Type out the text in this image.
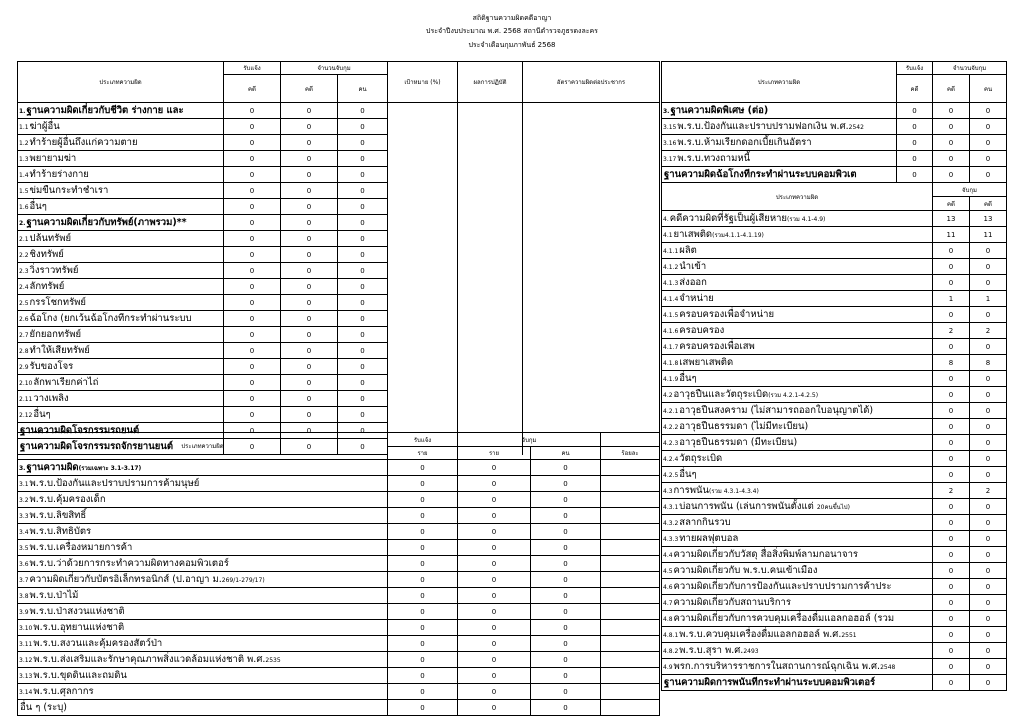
สถิติฐานความผิดคดีอาญา
ประจำปีงบประมาณ พ.ศ. 2568 สถานีตำรวจภูธรดงละคร
ประจำเดือนกุมภาพันธ์ 2568
ประเภทความผิด	รับแจ้ง	จำนวนจับกุม		เป้าหมาย (%)	ผลการปฏิบัติ	อัตราความผิดต่อประชากร
	คดี	คดี	คน			
1.ฐานความผิดเกี่ยวกับชีวิต ร่างกาย และ	0	0	0			
1.1ฆ่าผู้อื่น	0	0	0			
1.2ทำร้ายผู้อื่นถึงแก่ความตาย	0	0	0			
1.3พยายามฆ่า	0	0	0			
1.4ทำร้ายร่างกาย	0	0	0			
1.5ข่มขืนกระทำชำเรา	0	0	0			
1.6อื่นๆ	0	0	0			
2.ฐานความผิดเกี่ยวกับทรัพย์(ภาพรวม)**	0	0	0			
2.1ปล้นทรัพย์	0	0	0			
2.2ชิงทรัพย์	0	0	0			
2.3วิ่งราวทรัพย์	0	0	0			
2.4ลักทรัพย์	0	0	0			
2.5กรรโชกทรัพย์	0	0	0			
2.6ฉ้อโกง (ยกเว้นฉ้อโกงทีกระทำผ่านระบบ	0	0	0			
2.7ยักยอกทรัพย์	0	0	0			
2.8ทำให้เสียทรัพย์	0	0	0			
2.9รับของโจร	0	0	0			
2.10ลักพาเรียกค่าไถ่	0	0	0			
2.11วางเพลิง	0	0	0			
2.12อื่นๆ	0	0	0			
ฐานความผิดโจรกรรมรถยนต์	0	0	0			
ฐานความผิดโจรกรรมรถจักรยานยนต์	0	0	0			
ประเภทความผิด	รับแจ้ง	จับกุม		
	ราย	ราย	คน	ร้อยละ
3.ฐานความผิด(รวมเฉพาะ 3.1-3.17)	0	0	0	
3.1พ.ร.บ.ป้องกันและปราบปรามการค้ามนุษย์	0	0	0	
3.2พ.ร.บ.คุ้มครองเด็ก	0	0	0	
3.3พ.ร.บ.ลิขสิทธิ์	0	0	0	
3.4พ.ร.บ.สิทธิบัตร	0	0	0	
3.5พ.ร.บ.เครื่องหมายการค้า	0	0	0	
3.6พ.ร.บ.ว่าด้วยการกระทำความผิดทางคอมพิวเตอร์	0	0	0	
3.7ความผิดเกี่ยวกับบัตรอิเล็กทรอนิกส์ (ป.อาญา ม.269/1-279/17)	0	0	0	
3.8พ.ร.บ.ป่าไม้	0	0	0	
3.9พ.ร.บ.ป่าสงวนแห่งชาติ	0	0	0	
3.10พ.ร.บ.อุทยานแห่งชาติ	0	0	0	
3.11พ.ร.บ.สงวนและคุ้มครองสัตว์ป่า	0	0	0	
3.12พ.ร.บ.ส่งเสริมและรักษาคุณภาพสิ่งแวดล้อมแห่งชาติ พ.ศ.2535	0	0	0	
3.13พ.ร.บ.ขุดดินและถมดิน	0	0	0	
3.14พ.ร.บ.ศุลกากร	0	0	0	
อื่น ๆ (ระบุ)	0	0	0	
ประเภทความผิด	รับแจ้ง	จำนวนจับกุม	
	คดี	คดี	คน
3.ฐานความผิดพิเศษ (ต่อ)	0	0	0
3.15พ.ร.บ.ป้องกันและปราบปรามฟอกเงิน พ.ศ.2542	0	0	0
3.16พ.ร.บ.ห้ามเรียกดอกเบี้ยเกินอัตรา	0	0	0
3.17พ.ร.บ.ทวงถามหนี้	0	0	0
ฐานความผิดฉ้อโกงทีกระทำผ่านระบบคอมพิวเต	0	0	0
ประเภทความผิด	จับกุม	
	คดี	คดี
4.คดีความผิดที่รัฐเป็นผู้เสียหาย(รวม 4.1-4.9)	13	13
4.1ยาเสพติด(รวม4.1.1-4.1.19)	11	11
4.1.1ผลิต	0	0
4.1.2นำเข้า	0	0
4.1.3ส่งออก	0	0
4.1.4จำหน่าย	1	1
4.1.5ครอบครองเพื่อจำหน่าย	0	0
4.1.6ครอบครอง	2	2
4.1.7ครอบครองเพื่อเสพ	0	0
4.1.8เสพยาเสพติด	8	8
4.1.9อื่นๆ	0	0
4.2อาวุธปืนและวัตถุระเบิด(รวม 4.2.1-4.2.5)	0	0
4.2.1อาวุธปืนสงคราม (ไม่สามารถออกใบอนุญาตได้)	0	0
4.2.2อาวุธปืนธรรมดา (ไม่มีทะเบียน)	0	0
4.2.3อาวุธปืนธรรมดา (มีทะเบียน)	0	0
4.2.4วัตถุระเบิด	0	0
4.2.5อื่นๆ	0	0
4.3การพนัน(รวม 4.3.1-4.3.4)	2	2
4.3.1บ่อนการพนัน (เล่นการพนันตั้งแต่ 20คนขึ้นไป)	0	0
4.3.2สลากกินรวบ	0	0
4.3.3ทายผลฟุตบอล	0	0
4.4ความผิดเกี่ยวกับวัสดุ สื่อสิ่งพิมพ์ลามกอนาจาร	0	0
4.5ความผิดเกี่ยวกับ พ.ร.บ.คนเข้าเมือง	0	0
4.6ความผิดเกี่ยวกับการป้องกันและปราบปรามการค้าประ	0	0
4.7ความผิดเกี่ยวกับสถานบริการ	0	0
4.8ความผิดเกี่ยวกับการควบคุมเครื่องดื่มแอลกอฮอล์ (รวม	0	0
4.8.1พ.ร.บ.ควบคุมเครื่องดื่มแอลกอฮอล์ พ.ศ.2551	0	0
4.8.2พ.ร.บ.สุรา พ.ศ.2493	0	0
4.9พรก.การบริหารราชการในสถานการณ์ฉุกเฉิน พ.ศ.2548	0	0
ฐานความผิดการพนันทีกระทำผ่านระบบคอมพิวเตอร์	0	0
